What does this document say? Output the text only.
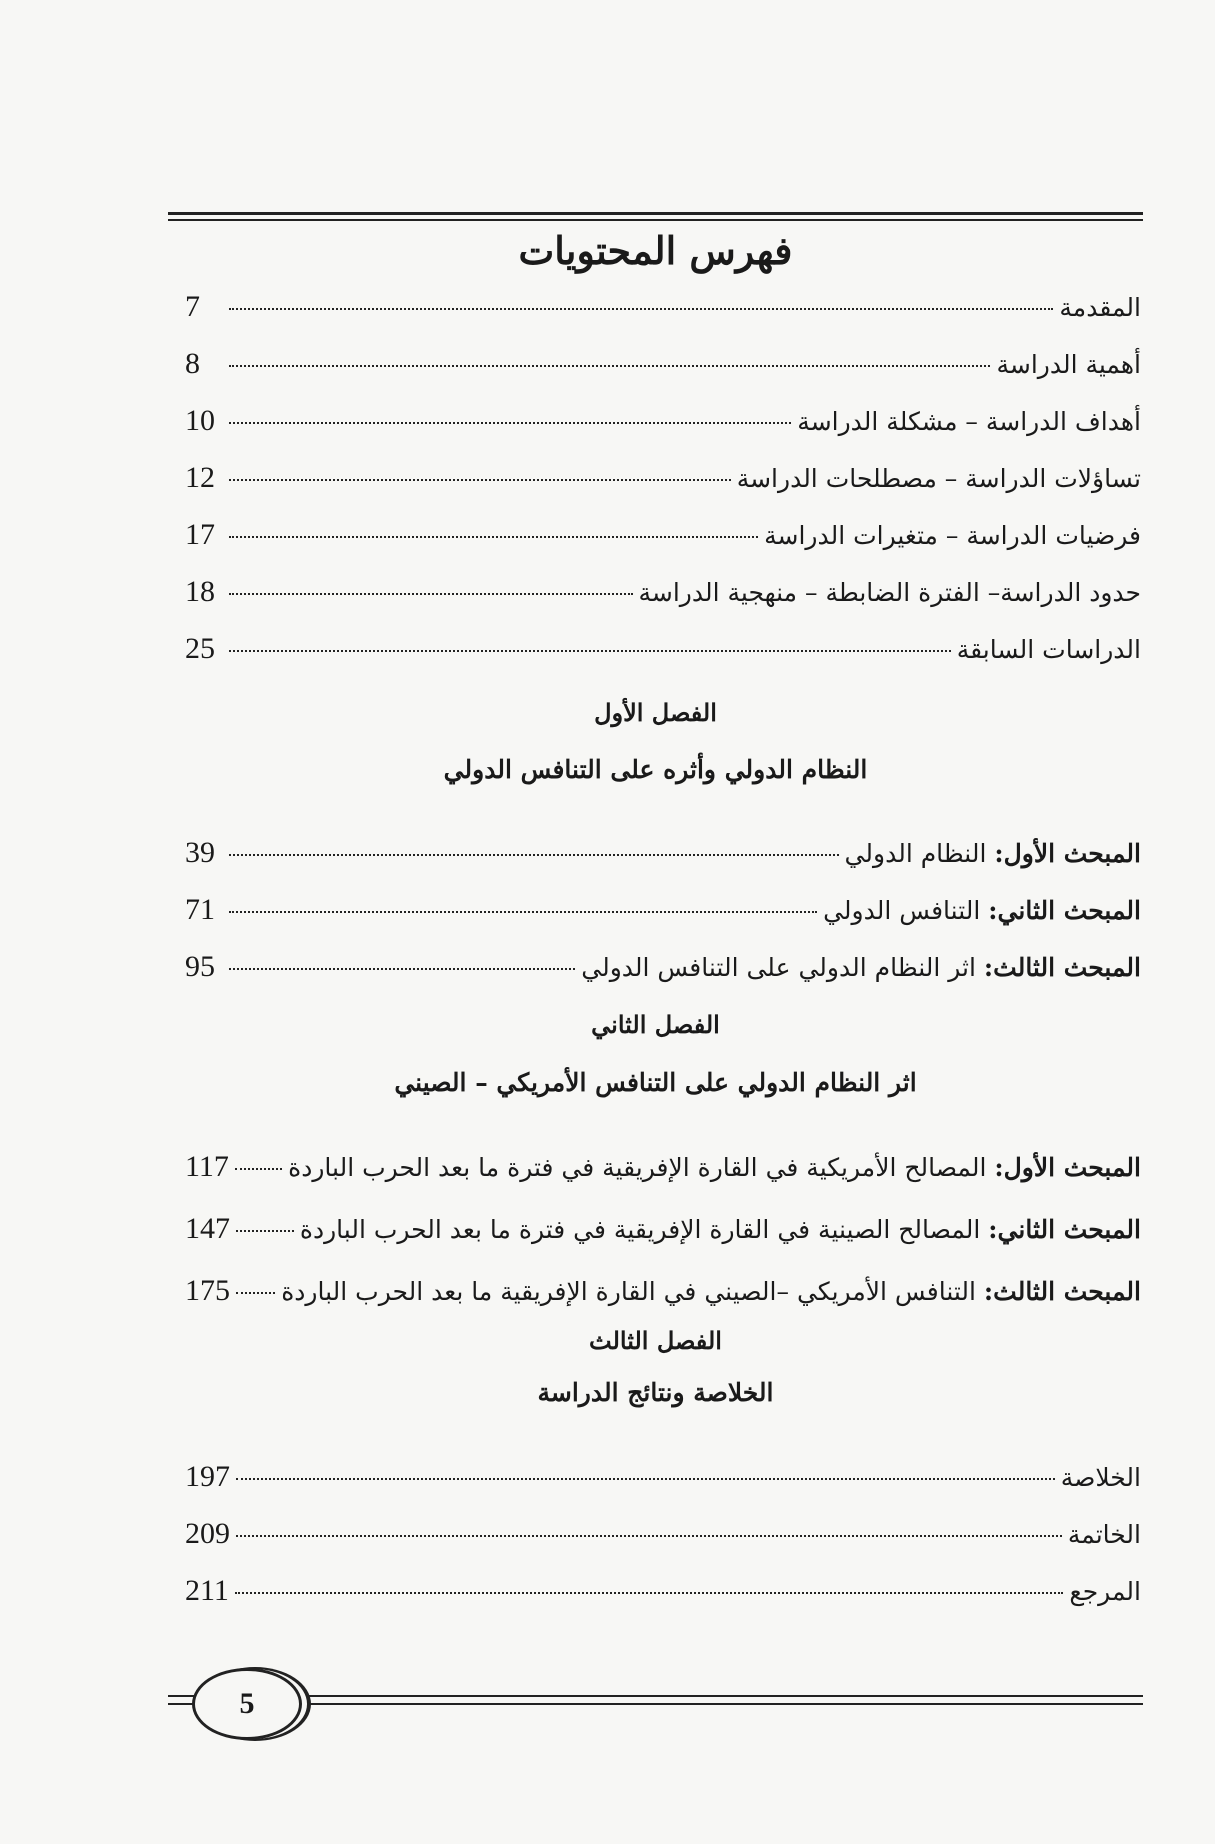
فهرس المحتويات
المقدمة
7
أهمية الدراسة
8
أهداف الدراسة – مشكلة الدراسة
10
تساؤلات الدراسة – مصطلحات الدراسة
12
فرضيات الدراسة – متغيرات الدراسة
17
حدود الدراسة– الفترة الضابطة – منهجية الدراسة
18
الدراسات السابقة
25
الفصل الأول
النظام الدولي وأثره على التنافس الدولي
المبحث الأول: النظام الدولي
39
المبحث الثاني: التنافس الدولي
71
المبحث الثالث: اثر النظام الدولي على التنافس الدولي
95
الفصل الثاني
اثر النظام الدولي على التنافس الأمريكي – الصيني
المبحث الأول: المصالح الأمريكية في القارة الإفريقية في فترة ما بعد الحرب الباردة
117
المبحث الثاني: المصالح الصينية في القارة الإفريقية في فترة ما بعد الحرب الباردة
147
المبحث الثالث: التنافس الأمريكي –الصيني في القارة الإفريقية ما بعد الحرب الباردة
175
الفصل الثالث
الخلاصة ونتائج الدراسة
الخلاصة
197
الخاتمة
209
المرجع
211
5
